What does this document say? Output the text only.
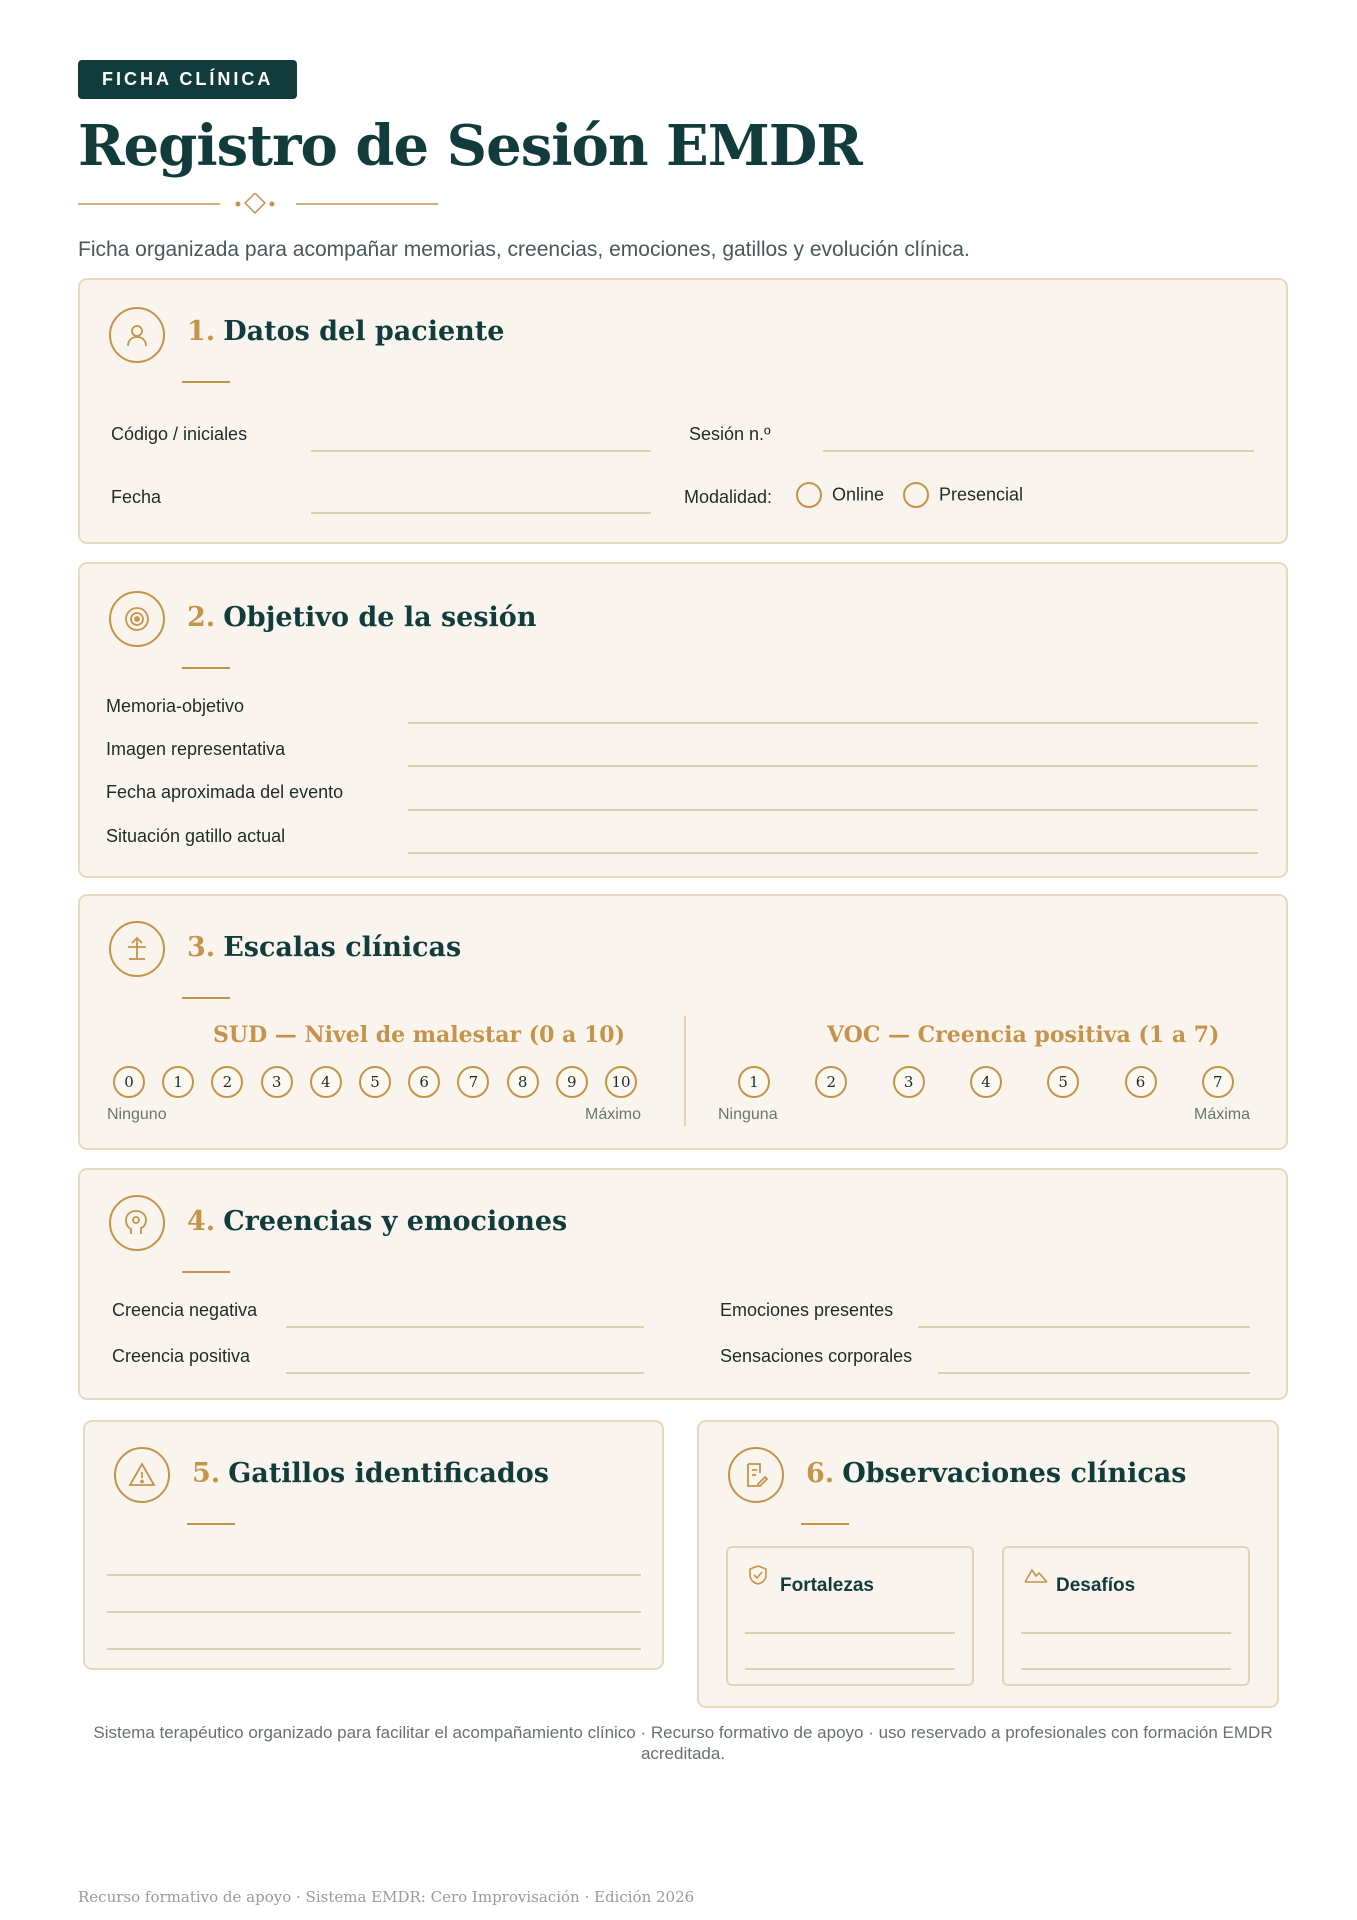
FICHA CLÍNICA
Registro de Sesión EMDR
Ficha organizada para acompañar memorias, creencias, emociones, gatillos y evolución clínica.
1. Datos del paciente
Código / iniciales	Sesión n.º
Fecha	Modalidad:	Online	Presencial
2. Objetivo de la sesión
Memoria-objetivo
Imagen representativa
Fecha aproximada del evento
Situación gatillo actual
3. Escalas clínicas
SUD — Nivel de malestar (0 a 10)
0	1	2	3	4	5	6	7	8	9	10
Ninguno	Máximo
VOC — Creencia positiva (1 a 7)
1	2	3	4	5	6	7
Ninguna	Máxima
4. Creencias y emociones
Creencia negativa
Creencia positiva
Emociones presentes
Sensaciones corporales
5. Gatillos identificados	6. Observaciones clínicas
Fortalezas	Desafíos
Sistema terapéutico organizado para facilitar el acompañamiento clínico · Recurso formativo de apoyo · uso reservado a profesionales con formación EMDR acreditada.
Recurso formativo de apoyo · Sistema EMDR: Cero Improvisación · Edición 2026
